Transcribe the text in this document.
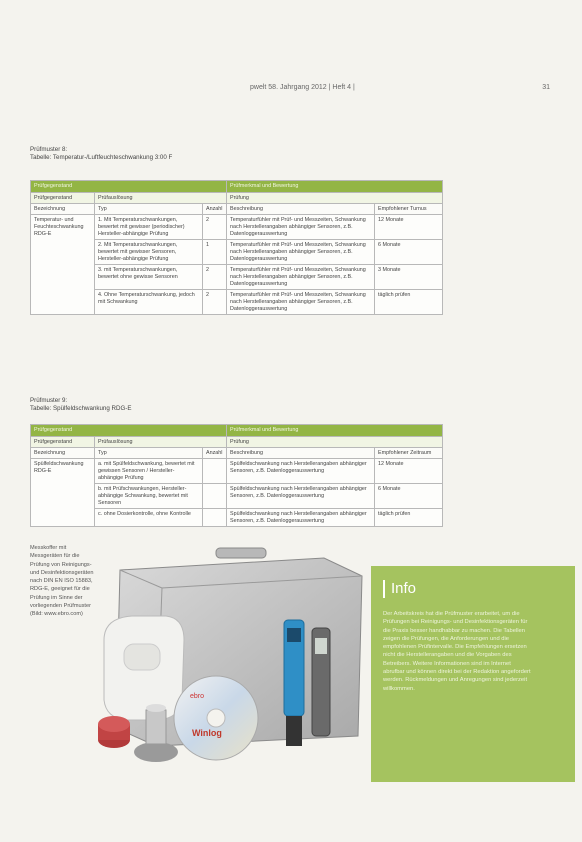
pwelt 58. Jahrgang 2012 | Heft 4 |	31
Prüfmuster 8:
Tabelle: Temperatur-/Luftfeuchteschwankung 3:00 F
Prüfgegenstand			Prüfmerkmal und Bewertung	
Prüfgegenstand	Prüfauslösung		Prüfung	
Bezeichnung	Typ	Anzahl	Beschreibung	Empfohlener Turnus
Temperatur- und Feuchteschwankung RDG-E	1. Mit Temperaturschwankungen, bewertet mit gewisser (periodischer) Hersteller-abhängige Prüfung	2	Temperaturfühler mit Prüf- und Messzeiten, Schwankung nach Herstellerangaben abhängiger Sensoren, z.B. Datenloggerauswertung	12 Monate
	2. Mit Temperaturschwankungen, bewertet mit gewisser Sensoren, Hersteller-abhängige Prüfung	1	Temperaturfühler mit Prüf- und Messzeiten, Schwankung nach Herstellerangaben abhängiger Sensoren, z.B. Datenloggerauswertung	6 Monate
	3. mit Temperaturschwankungen, bewertet ohne gewisse Sensoren	2	Temperaturfühler mit Prüf- und Messzeiten, Schwankung nach Herstellerangaben abhängiger Sensoren, z.B. Datenloggerauswertung	3 Monate
	4. Ohne Temperaturschwankung, jedoch mit Schwankung	2	Temperaturfühler mit Prüf- und Messzeiten, Schwankung nach Herstellerangaben abhängiger Sensoren, z.B. Datenloggerauswertung	täglich prüfen
Prüfmuster 9:
Tabelle: Spülfeldschwankung RDG-E
Prüfgegenstand			Prüfmerkmal und Bewertung	
Prüfgegenstand	Prüfauslösung		Prüfung	
Bezeichnung	Typ	Anzahl	Beschreibung	Empfohlener Zeitraum
Spülfeldschwankung RDG-E	a. mit Spülfeldschwankung, bewertet mit gewissen Sensoren / Hersteller-abhängige Prüfung		Spülfeldschwankung nach Herstellerangaben abhängiger Sensoren, z.B. Datenloggerauswertung	12 Monate
	b. mit Prüfschwankungen, Hersteller-abhängige Schwankung, bewertet mit Sensoren		Spülfeldschwankung nach Herstellerangaben abhängiger Sensoren, z.B. Datenloggerauswertung	6 Monate
	c. ohne Dosierkontrolle, ohne Kontrolle		Spülfeldschwankung nach Herstellerangaben abhängiger Sensoren, z.B. Datenloggerauswertung	täglich prüfen
Messkoffer mit Messgeräten für die Prüfung von Reinigungs- und Desinfektionsgeräten nach DIN EN ISO 15883, RDG-E, geeignet für die Prüfung im Sinne der vorliegenden Prüfmuster (Bild: www.ebro.com)
ebro
Winlog
Info
Der Arbeitskreis hat die Prüfmuster erarbeitet, um die Prüfungen bei Reinigungs- und Desinfektionsgeräten für die Praxis besser handhabbar zu machen. Die Tabellen zeigen die Prüfungen, die Anforderungen und die empfohlenen Prüfintervalle. Die Empfehlungen ersetzen nicht die Herstellerangaben und die Vorgaben des Betreibers. Weitere Informationen sind im Internet abrufbar und können direkt bei der Redaktion angefordert werden. Rückmeldungen und Anregungen sind jederzeit willkommen.
